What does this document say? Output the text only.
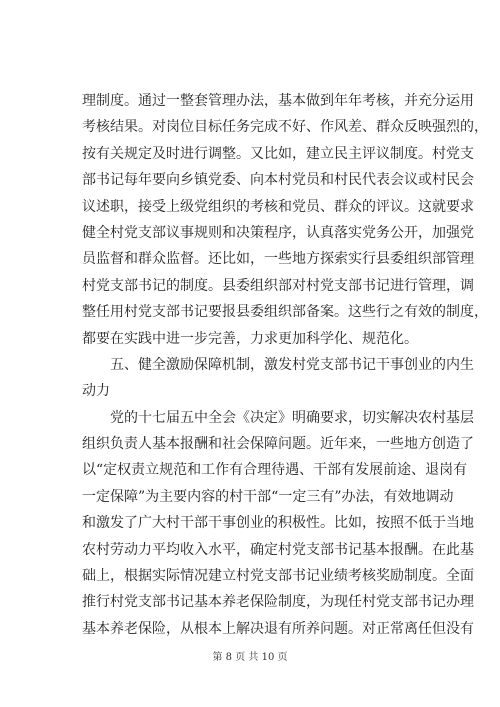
理制度。通过一整套管理办法，基本做到年年考核，并充分运用
考核结果。对岗位目标任务完成不好、作风差、群众反映强烈的，
按有关规定及时进行调整。又比如，建立民主评议制度。村党支
部书记每年要向乡镇党委、向本村党员和村民代表会议或村民会
议述职，接受上级党组织的考核和党员、群众的评议。这就要求
健全村党支部议事规则和决策程序，认真落实党务公开，加强党
员监督和群众监督。还比如，一些地方探索实行县委组织部管理
村党支部书记的制度。县委组织部对村党支部书记进行管理，调
整任用村党支部书记要报县委组织部备案。这些行之有效的制度，
都要在实践中进一步完善，力求更加科学化、规范化。
　　五、健全激励保障机制，激发村党支部书记干事创业的内生
动力
　　党的十七届五中全会《决定》明确要求，切实解决农村基层
组织负责人基本报酬和社会保障问题。近年来，一些地方创造了
以“定权责立规范和工作有合理待遇、干部有发展前途、退岗有
一定保障”为主要内容的村干部“一定三有”办法，有效地调动
和激发了广大村干部干事创业的积极性。比如，按照不低于当地
农村劳动力平均收入水平，确定村党支部书记基本报酬。在此基
础上，根据实际情况建立村党支部书记业绩考核奖励制度。全面
推行村党支部书记基本养老保险制度，为现任村党支部书记办理
基本养老保险，从根本上解决退有所养问题。对正常离任但没有
第 8 页 共 10 页
